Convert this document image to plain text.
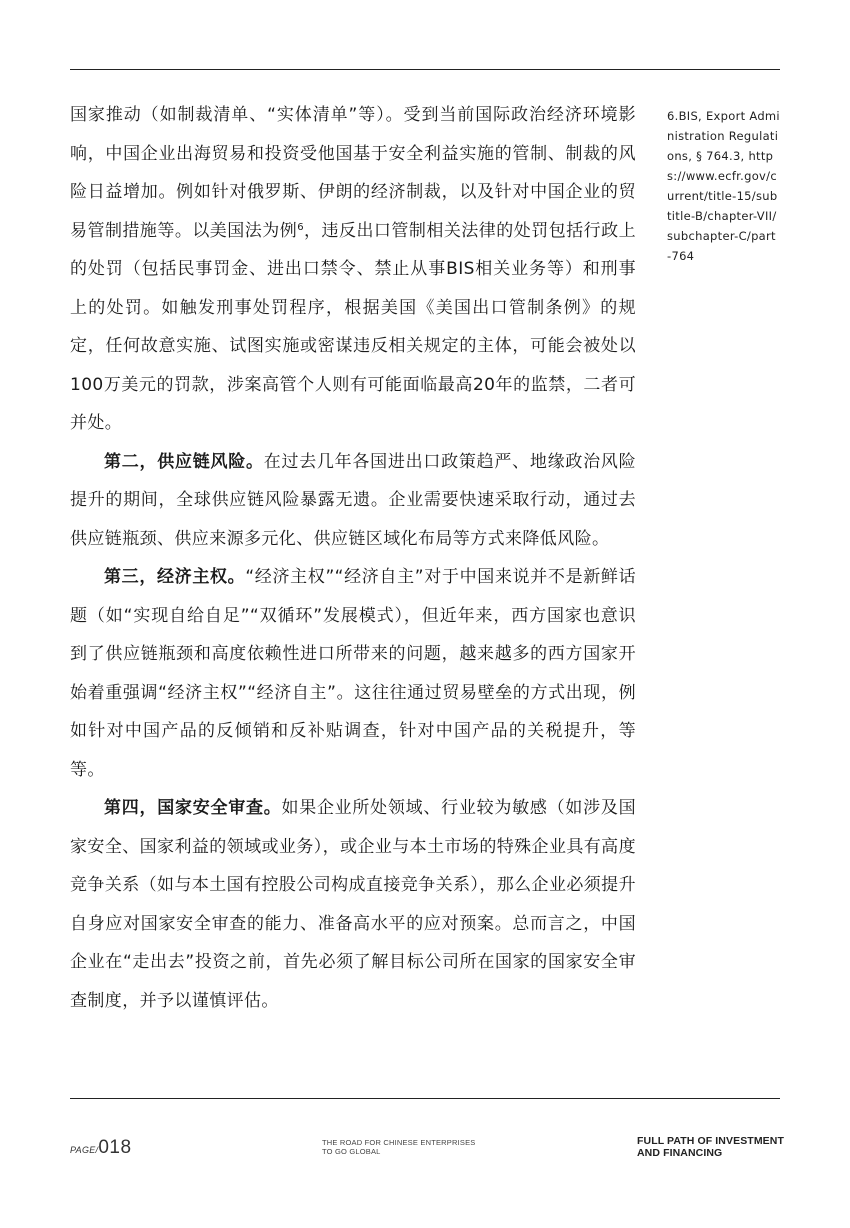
国家推动（如制裁清单、“实体清单”等）。受到当前国际政治经济环境影响，中国企业出海贸易和投资受他国基于安全利益实施的管制、制裁的风险日益增加。例如针对俄罗斯、伊朗的经济制裁，以及针对中国企业的贸易管制措施等。以美国法为例$^6$，违反出口管制相关法律的处罚包括行政上的处罚（包括民事罚金、进出口禁令、禁止从事BIS相关业务等）和刑事上的处罚。如触发刑事处罚程序，根据美国《美国出口管制条例》的规定，任何故意实施、试图实施或密谋违反相关规定的主体，可能会被处以100万美元的罚款，涉案高管个人则有可能面临最高20年的监禁，二者可并处。

第二，供应链风险。在过去几年各国进出口政策趋严、地缘政治风险提升的期间，全球供应链风险暴露无遗。企业需要快速采取行动，通过去供应链瓶颈、供应来源多元化、供应链区域化布局等方式来降低风险。

第三，经济主权。“经济主权”“经济自主”对于中国来说并不是新鲜话题（如“实现自给自足”“双循环”发展模式），但近年来，西方国家也意识到了供应链瓶颈和高度依赖性进口所带来的问题，越来越多的西方国家开始着重强调“经济主权”“经济自主”。这往往通过贸易壁垒的方式出现，例如针对中国产品的反倾销和反补贴调查，针对中国产品的关税提升，等等。

第四，国家安全审查。如果企业所处领域、行业较为敏感（如涉及国家安全、国家利益的领域或业务），或企业与本土市场的特殊企业具有高度竞争关系（如与本土国有控股公司构成直接竞争关系），那么企业必须提升自身应对国家安全审查的能力、准备高水平的应对预案。总而言之，中国企业在“走出去”投资之前，首先必须了解目标公司所在国家的国家安全审查制度，并予以谨慎评估。

6.BIS, Export Administration Regulations, § 764.3, https://www.ecfr.gov/current/title-15/subtitle-B/chapter-VII/subchapter-C/part-764
PAGE/018	THE ROAD FOR CHINESE ENTERPRISES
TO GO GLOBAL
FULL PATH OF INVESTMENT
AND FINANCING
